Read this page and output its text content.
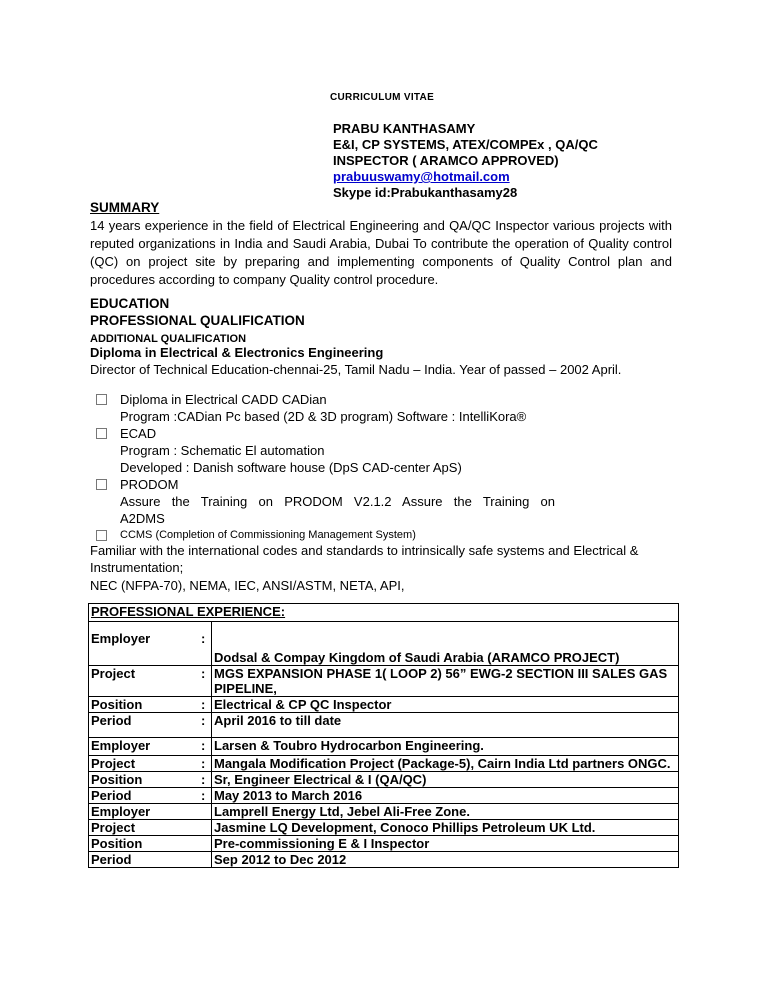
CURRICULUM VITAE
PRABU KANTHASAMY
E&I, CP SYSTEMS, ATEX/COMPEx , QA/QC
INSPECTOR ( ARAMCO APPROVED)
prabuuswamy@hotmail.com
Skype id:Prabukanthasamy28
SUMMARY
14 years experience in the field of Electrical Engineering and QA/QC Inspector various projects with reputed organizations in India and Saudi Arabia, Dubai To contribute the operation of Quality control (QC) on project site by preparing and implementing components of Quality Control plan and procedures according to company Quality control procedure.
EDUCATION
PROFESSIONAL QUALIFICATION
ADDITIONAL QUALIFICATION
Diploma in Electrical & Electronics Engineering
Director of Technical Education-chennai-25, Tamil Nadu – India. Year of passed – 2002 April.
Diploma in Electrical CADD CADian
Program :CADian Pc based (2D & 3D program) Software : IntelliKora®
ECAD
Program : Schematic El automation
Developed : Danish software house (DpS CAD-center ApS)
PRODOM
Assure the Training on PRODOM V2.1.2 Assure the Training on
A2DMS
CCMS (Completion of Commissioning Management System)
Familiar with the international codes and standards to intrinsically safe systems and Electrical & Instrumentation;
NEC (NFPA-70), NEMA, IEC, ANSI/ASTM, NETA, API,
PROFESSIONAL EXPERIENCE:		
Employer	:	Dodsal & Compay Kingdom of Saudi Arabia (ARAMCO PROJECT)
Project	:	MGS EXPANSION PHASE 1( LOOP 2) 56” EWG-2 SECTION III SALES GAS PIPELINE,
Position	:	Electrical & CP QC Inspector
Period	:	April 2016 to till date
Employer	:	Larsen & Toubro Hydrocarbon Engineering.
Project	:	Mangala Modification Project (Package-5), Cairn India Ltd partners ONGC.
Position	:	Sr, Engineer Electrical & I (QA/QC)
Period	:	May 2013 to March 2016
Employer		Lamprell Energy Ltd, Jebel Ali-Free Zone.
Project		Jasmine LQ Development, Conoco Phillips Petroleum UK Ltd.
Position		Pre-commissioning E & I Inspector
Period		Sep 2012 to Dec 2012
